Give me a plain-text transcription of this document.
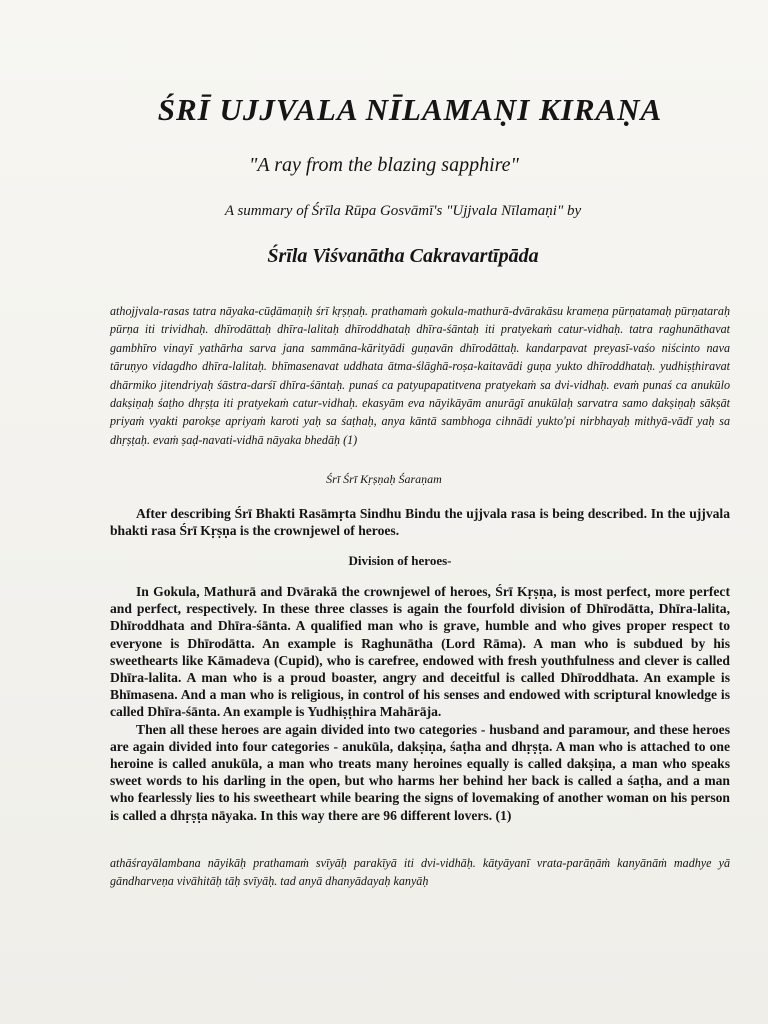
ŚRĪ UJJVALA NĪLAMAṆI KIRAṆA
"A ray from the blazing sapphire"
A summary of Śrīla Rūpa Gosvāmī's "Ujjvala Nīlamaṇi" by
Śrīla Viśvanātha Cakravartīpāda
athojjvala-rasas tatra nāyaka-cūḍāmaṇiḥ śrī kṛṣṇaḥ. prathamaṁ gokula-mathurā-dvārakāsu krameṇa pūrṇatamaḥ pūrṇataraḥ pūrṇa iti trividhaḥ. dhīrodāttaḥ dhīra-lalitaḥ dhīroddhataḥ dhīra-śāntaḥ iti pratyekaṁ catur-vidhaḥ. tatra raghunāthavat gambhīro vinayī yathārha sarva jana sammāna-kārityādi guṇavān dhīrodāttaḥ. kandarpavat preyasī-vaśo niścinto nava tāruṇyo vidagdho dhīra-lalitaḥ. bhīmasenavat uddhata ātma-ślāghā-roṣa-kaitavādi guṇa yukto dhīroddhataḥ. yudhiṣṭhiravat dhārmiko jitendriyaḥ śāstra-darśī dhīra-śāntaḥ. punaś ca patyupapatitvena pratyekaṁ sa dvi-vidhaḥ. evaṁ punaś ca anukūlo dakṣiṇaḥ śaṭho dhṛṣṭa iti pratyekaṁ catur-vidhaḥ. ekasyām eva nāyikāyām anurāgī anukūlaḥ sarvatra samo dakṣiṇaḥ sākṣāt priyaṁ vyakti parokṣe apriyaṁ karoti yaḥ sa śaṭhaḥ, anya kāntā sambhoga cihnādi yukto'pi nirbhayaḥ mithyā-vādī yaḥ sa dhṛṣṭaḥ. evaṁ ṣaḍ-navati-vidhā nāyaka bhedāḥ (1)
Śrī Śrī Kṛṣṇaḥ Śaraṇam

After describing Śrī Bhakti Rasāmṛta Sindhu Bindu the ujjvala rasa is being described. In the ujjvala bhakti rasa Śrī Kṛṣṇa is the crownjewel of heroes.

Division of heroes-

In Gokula, Mathurā and Dvārakā the crownjewel of heroes, Śrī Kṛṣṇa, is most perfect, more perfect and perfect, respectively. In these three classes is again the fourfold division of Dhīrodātta, Dhīra-lalita, Dhīroddhata and Dhīra-śānta. A qualified man who is grave, humble and who gives proper respect to everyone is Dhīrodātta. An example is Raghunātha (Lord Rāma). A man who is subdued by his sweethearts like Kāmadeva (Cupid), who is carefree, endowed with fresh youthfulness and clever is called Dhīra-lalita. A man who is a proud boaster, angry and deceitful is called Dhīroddhata. An example is Bhīmasena. And a man who is religious, in control of his senses and endowed with scriptural knowledge is called Dhīra-śānta. An example is Yudhiṣṭhira Mahārāja.

Then all these heroes are again divided into two categories - husband and paramour, and these heroes are again divided into four categories - anukūla, dakṣiṇa, śaṭha and dhṛṣṭa. A man who is attached to one heroine is called anukūla, a man who treats many heroines equally is called dakṣiṇa, a man who speaks sweet words to his darling in the open, but who harms her behind her back is called a śaṭha, and a man who fearlessly lies to his sweetheart while bearing the signs of lovemaking of another woman on his person is called a dhṛṣṭa nāyaka. In this way there are 96 different lovers. (1)

athāśrayālambana nāyikāḥ prathamaṁ svīyāḥ parakīyā iti dvi-vidhāḥ. kātyāyanī vrata-parāṇāṁ kanyānāṁ madhye yā gāndharveṇa vivāhitāḥ tāḥ svīyāḥ. tad anyā dhanyādayaḥ kanyāḥ
